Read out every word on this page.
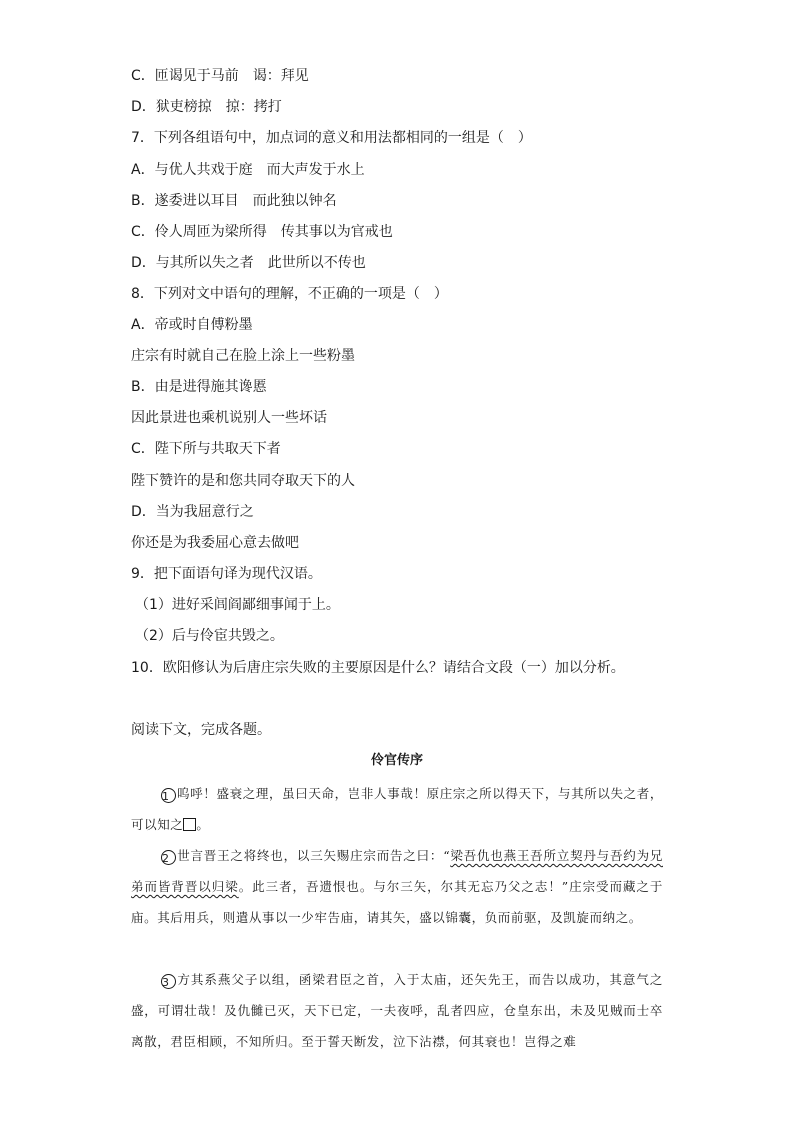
C．匝谒见于马前 谒：拜见
D．狱吏榜掠 掠：拷打
7．下列各组语句中，加点词的意义和用法都相同的一组是（　）
A．与优人共戏于庭 而大声发于水上
B．遂委进以耳目 而此独以钟名
C．伶人周匝为梁所得 传其事以为官戒也
D．与其所以失之者 此世所以不传也
8．下列对文中语句的理解，不正确的一项是（　）
A．帝或时自傅粉墨
庄宗有时就自己在脸上涂上一些粉墨
B．由是进得施其谗慝
因此景进也乘机说别人一些坏话
C．陛下所与共取天下者
陛下赞许的是和您共同夺取天下的人
D．当为我屈意行之
你还是为我委屈心意去做吧
9．把下面语句译为现代汉语。
（1）进好采闾阎鄙细事闻于上。
（2）后与伶宦共毁之。
10．欧阳修认为后唐庄宗失败的主要原因是什么？请结合文段（一）加以分析。
阅读下文，完成各题。
伶官传序
1 呜呼！盛衰之理，虽曰天命，岂非人事哉！原庄宗之所以得天下，与其所以失之者，可以知之 。
2 世言晋王之将终也，以三矢赐庄宗而告之曰：“梁吾仇也燕王吾所立契丹与吾约为兄弟而皆背晋以归梁。此三者，吾遗恨也。与尔三矢，尔其无忘乃父之志！”庄宗受而藏之于庙。其后用兵，则遣从事以一少牢告庙，请其矢，盛以锦囊，负而前驱，及凯旋而纳之。
3 方其系燕父子以组，函梁君臣之首，入于太庙，还矢先王，而告以成功，其意气之盛，可谓壮哉！及仇雠已灭，天下已定，一夫夜呼，乱者四应，仓皇东出，未及见贼而士卒离散，君臣相顾，不知所归。至于誓天断发，泣下沾襟，何其衰也！岂得之难
